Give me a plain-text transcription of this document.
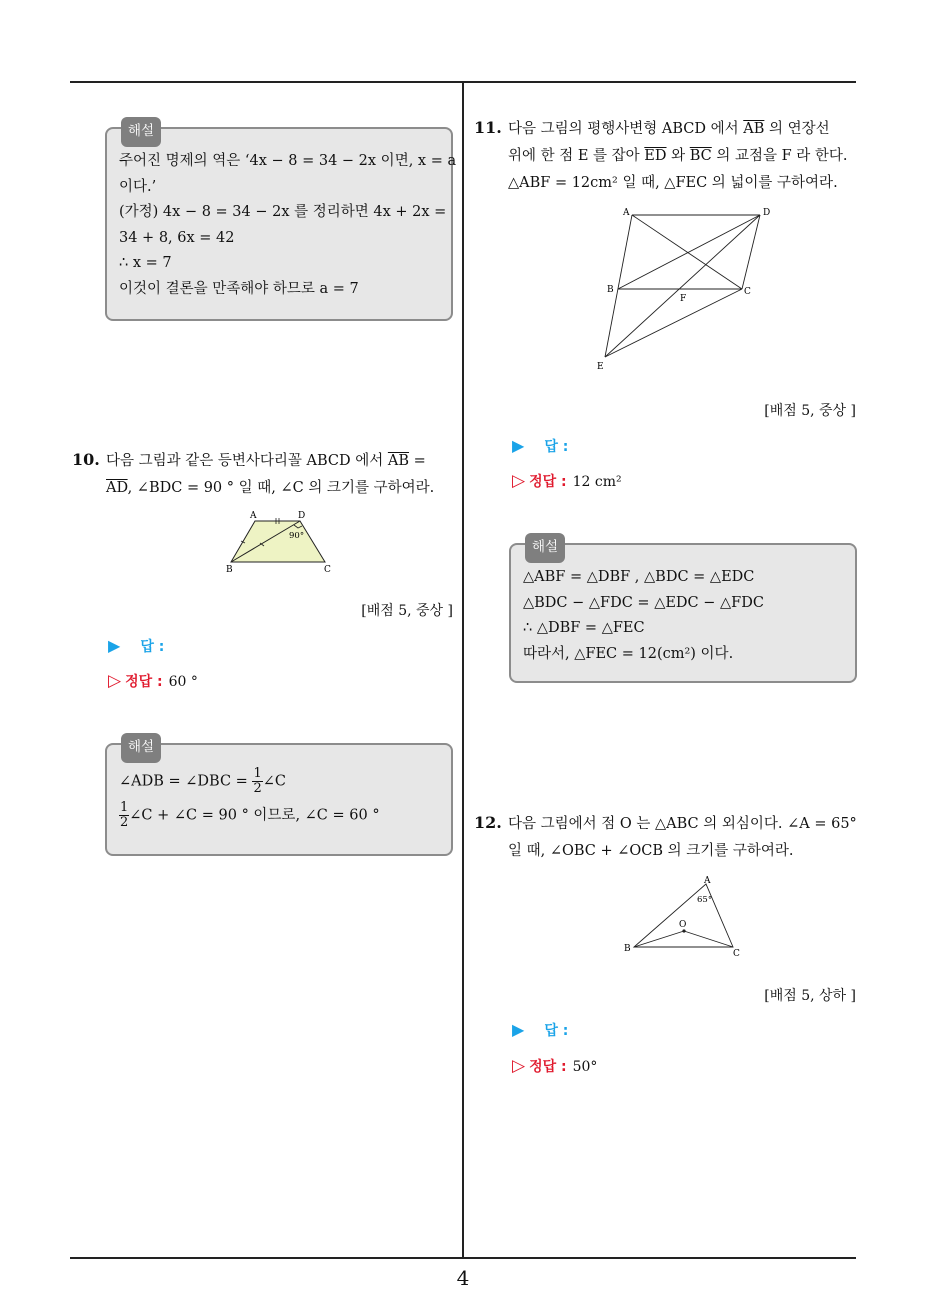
해설
주어진 명제의 역은 ‘4x − 8 = 34 − 2x 이면, x = a
이다.’
(가정) 4x − 8 = 34 − 2x 를 정리하면 4x + 2x =
34 + 8, 6x = 42
∴ x = 7
이것이 결론을 만족해야 하므로 a = 7
10. 다음 그림과 같은 등변사다리꼴 ABCD 에서 $\overline{AB}$ =
$\overline{AD}$, ∠BDC = 90 ° 일 때, ∠C 의 크기를 구하여라.
A	D
B	C
90°
[배점 5, 중상 ]
▶ 답 :
▷ 정답 : 60 °
해설
∠ADB = ∠DBC = $\frac{1}{2}$ ∠C
$\frac{1}{2}$ ∠C + ∠C = 90 ° 이므로, ∠C = 60 °
11. 다음 그림의 평행사변형 ABCD 에서 $\overline{AB}$ 의 연장선
위에 한 점 E 를 잡아 $\overline{ED}$ 와 $\overline{BC}$ 의 교점을 F 라 한다.
△ABF = 12cm² 일 때, △FEC 의 넓이를 구하여라.
A	D
B	C
F
E
[배점 5, 중상 ]
▶ 답 :
▷ 정답 : 12 cm²
해설
△ABF = △DBF , △BDC = △EDC
△BDC − △FDC = △EDC − △FDC
∴ △DBF = △FEC
따라서, △FEC = 12(cm²) 이다.
12. 다음 그림에서 점 O 는 △ABC 의 외심이다. ∠A = 65°
일 때, ∠OBC + ∠OCB 의 크기를 구하여라.
A
65°
O
B	C
[배점 5, 상하 ]
▶ 답 :
▷ 정답 : 50°
4
